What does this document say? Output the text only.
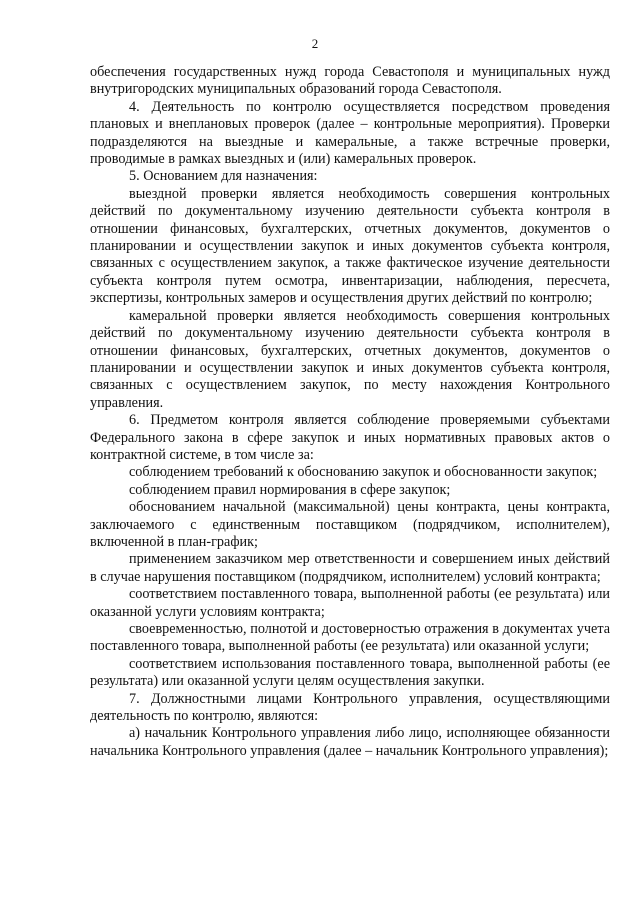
2

обеспечения государственных нужд города Севастополя и муниципальных нужд внутригородских муниципальных образований города Севастополя.

4. Деятельность по контролю осуществляется посредством проведения плановых и внеплановых проверок (далее – контрольные мероприятия). Проверки подразделяются на выездные и камеральные, а также встречные проверки, проводимые в рамках выездных и (или) камеральных проверок.

5. Основанием для назначения:

выездной проверки является необходимость совершения контрольных действий по документальному изучению деятельности субъекта контроля в отношении финансовых, бухгалтерских, отчетных документов, документов о планировании и осуществлении закупок и иных документов субъекта контроля, связанных с осуществлением закупок, а также фактическое изучение деятельности субъекта контроля путем осмотра, инвентаризации, наблюдения, пересчета, экспертизы, контрольных замеров и осуществления других действий по контролю;

камеральной проверки является необходимость совершения контрольных действий по документальному изучению деятельности субъекта контроля в отношении финансовых, бухгалтерских, отчетных документов, документов о планировании и осуществлении закупок и иных документов субъекта контроля, связанных с осуществлением закупок, по месту нахождения Контрольного управления.

6. Предметом контроля является соблюдение проверяемыми субъектами Федерального закона в сфере закупок и иных нормативных правовых актов о контрактной системе, в том числе за:

соблюдением требований к обоснованию закупок и обоснованности закупок;

соблюдением правил нормирования в сфере закупок;

обоснованием начальной (максимальной) цены контракта, цены контракта, заключаемого с единственным поставщиком (подрядчиком, исполнителем), включенной в план-график;

применением заказчиком мер ответственности и совершением иных действий в случае нарушения поставщиком (подрядчиком, исполнителем) условий контракта;

соответствием поставленного товара, выполненной работы (ее результата) или оказанной услуги условиям контракта;

своевременностью, полнотой и достоверностью отражения в документах учета поставленного товара, выполненной работы (ее результата) или оказанной услуги;

соответствием использования поставленного товара, выполненной работы (ее результата) или оказанной услуги целям осуществления закупки.

7. Должностными лицами Контрольного управления, осуществляющими деятельность по контролю, являются:

а) начальник Контрольного управления либо лицо, исполняющее обязанности начальника Контрольного управления (далее – начальник Контрольного управления);
